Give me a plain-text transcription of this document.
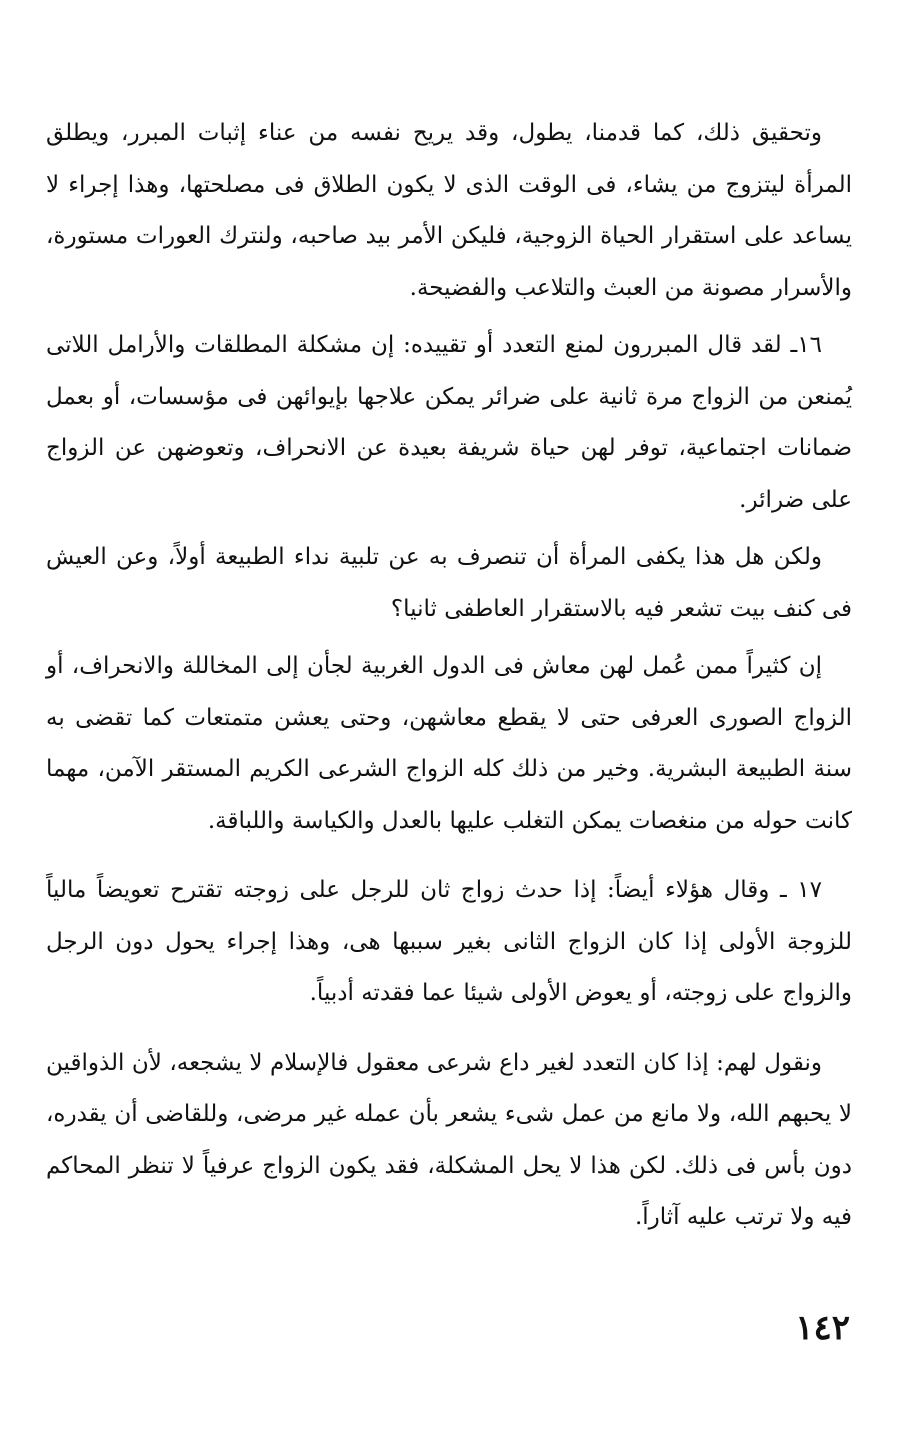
وتحقيق ذلك، كما قدمنا، يطول، وقد يريح نفسه من عناء إثبات المبرر، ويطلق المرأة ليتزوج من يشاء، فى الوقت الذى لا يكون الطلاق فى مصلحتها، وهذا إجراء لا يساعد على استقرار الحياة الزوجية، فليكن الأمر بيد صاحبه، ولنترك العورات مستورة، والأسرار مصونة من العبث والتلاعب والفضيحة.

١٦ـ لقد قال المبررون لمنع التعدد أو تقييده: إن مشكلة المطلقات والأرامل اللاتى يُمنعن من الزواج مرة ثانية على ضرائر يمكن علاجها بإيوائهن فى مؤسسات، أو بعمل ضمانات اجتماعية، توفر لهن حياة شريفة بعيدة عن الانحراف، وتعوضهن عن الزواج على ضرائر.

ولكن هل هذا يكفى المرأة أن تنصرف به عن تلبية نداء الطبيعة أولاً، وعن العيش فى كنف بيت تشعر فيه بالاستقرار العاطفى ثانيا؟

إن كثيراً ممن عُمل لهن معاش فى الدول الغربية لجأن إلى المخاللة والانحراف، أو الزواج الصورى العرفى حتى لا يقطع معاشهن، وحتى يعشن متمتعات كما تقضى به سنة الطبيعة البشرية. وخير من ذلك كله الزواج الشرعى الكريم المستقر الآمن، مهما كانت حوله من منغصات يمكن التغلب عليها بالعدل والكياسة واللباقة.

١٧ ـ وقال هؤلاء أيضاً: إذا حدث زواج ثان للرجل على زوجته تقترح تعويضاً مالياً للزوجة الأولى إذا كان الزواج الثانى بغير سببها هى، وهذا إجراء يحول دون الرجل والزواج على زوجته، أو يعوض الأولى شيئا عما فقدته أدبياً.

ونقول لهم: إذا كان التعدد لغير داع شرعى معقول فالإسلام لا يشجعه، لأن الذواقين لا يحبهم الله، ولا مانع من عمل شىء يشعر بأن عمله غير مرضى، وللقاضى أن يقدره، دون بأس فى ذلك. لكن هذا لا يحل المشكلة، فقد يكون الزواج عرفياً لا تنظر المحاكم فيه ولا ترتب عليه آثاراً.

١٤٢
